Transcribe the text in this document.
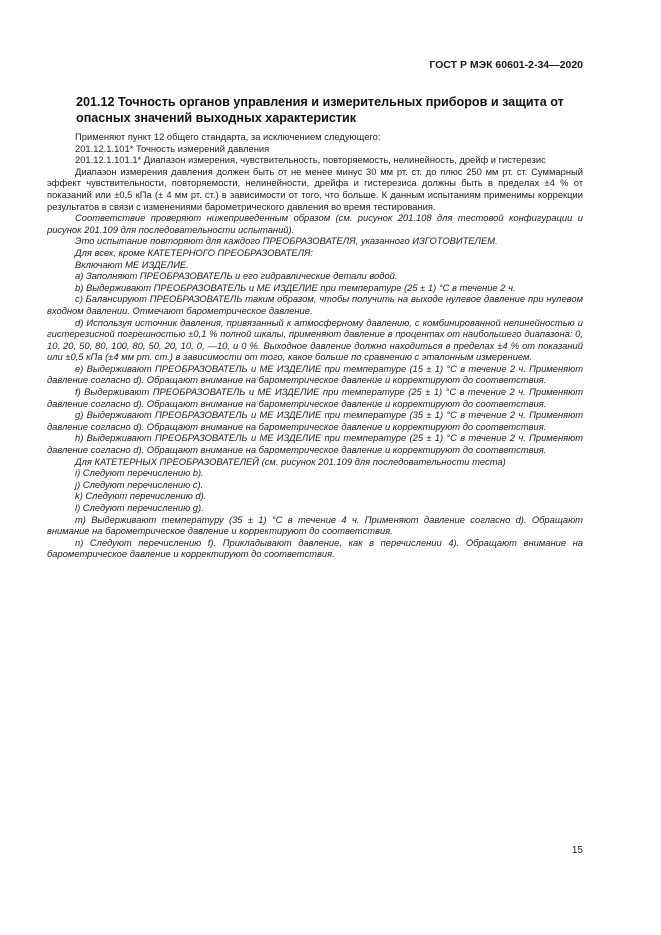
ГОСТ Р МЭК 60601-2-34—2020
201.12 Точность органов управления и измерительных приборов и защита от опасных значений выходных характеристик

Применяют пункт 12 общего стандарта, за исключением следующего:

201.12.1.101* Точность измерений давления

201.12.1.101.1* Диапазон измерения, чувствительность, повторяемость, нелинейность, дрейф и гистерезис

Диапазон измерения давления должен быть от не менее минус 30 мм рт. ст. до плюс 250 мм рт. ст. Суммарный эффект чувствительности, повторяемости, нелинейности, дрейфа и гистерезиса должны быть в пределах ±4 % от показаний или ±0,5 кПа (± 4 мм рт. ст.) в зависимости от того, что больше. К данным испытаниям применимы коррекции результатов в связи с изменениями барометрического давления во время тестирования.

Соответствие проверяют нижеприведенным образом (см. рисунок 201.108 для тестовой конфигурации и рисунок 201.109 для последовательности испытаний).

Это испытание повторяют для каждого ПРЕОБРАЗОВАТЕЛЯ, указанного ИЗГОТОВИТЕЛЕМ.

Для всех, кроме КАТЕТЕРНОГО ПРЕОБРАЗОВАТЕЛЯ:

Включают МЕ ИЗДЕЛИЕ.

a) Заполняют ПРЕОБРАЗОВАТЕЛЬ и его гидравлические детали водой.

b) Выдерживают ПРЕОБРАЗОВАТЕЛЬ и МЕ ИЗДЕЛИЕ при температуре (25 ± 1) °С в течение 2 ч.

c) Балансируют ПРЕОБРАЗОВАТЕЛЬ таким образом, чтобы получить на выходе нулевое давление при нулевом входном давлении. Отмечают барометрическое давление.

d) Используя источник давления, привязанный к атмосферному давлению, с комбинированной нелинейностью и гистерезисной погрешностью ±0,1 % полной шкалы, применяют давление в процентах от наибольшего диапазона: 0, 10, 20, 50, 80, 100, 80, 50, 20, 10, 0, —10, и 0 %. Выходное давление должно находиться в пределах ±4 % от показаний или ±0,5 кПа (±4 мм рт. ст.) в зависимости от того, какое больше по сравнению с эталонным измерением.

e) Выдерживают ПРЕОБРАЗОВАТЕЛЬ и МЕ ИЗДЕЛИЕ при температуре (15 ± 1) °С в течение 2 ч. Применяют давление согласно d). Обращают внимание на барометрическое давление и корректируют до соответствия.

f) Выдерживают ПРЕОБРАЗОВАТЕЛЬ и МЕ ИЗДЕЛИЕ при температуре (25 ± 1) °С в течение 2 ч. Применяют давление согласно d). Обращают внимание на барометрическое давление и корректируют до соответствия.

g) Выдерживают ПРЕОБРАЗОВАТЕЛЬ и МЕ ИЗДЕЛИЕ при температуре (35 ± 1) °С в течение 2 ч. Применяют давление согласно d). Обращают внимание на барометрическое давление и корректируют до соответствия.

h) Выдерживают ПРЕОБРАЗОВАТЕЛЬ и МЕ ИЗДЕЛИЕ при температуре (25 ± 1) °С в течение 2 ч. Применяют давление согласно d). Обращают внимание на барометрическое давление и корректируют до соответствия.

Для КАТЕТЕРНЫХ ПРЕОБРАЗОВАТЕЛЕЙ (см. рисунок 201.109 для последовательности теста)

i) Следуют перечислению b).

j) Следуют перечислению c).

k) Следуют перечислению d).

l) Следуют перечислению g).

m) Выдерживают температуру (35 ± 1) °С в течение 4 ч. Применяют давление согласно d). Обращают внимание на барометрическое давление и корректируют до соответствия.

n) Следуют перечислению f). Прикладывают давление, как в перечислении 4). Обращают внимание на барометрическое давление и корректируют до соответствия.

15
